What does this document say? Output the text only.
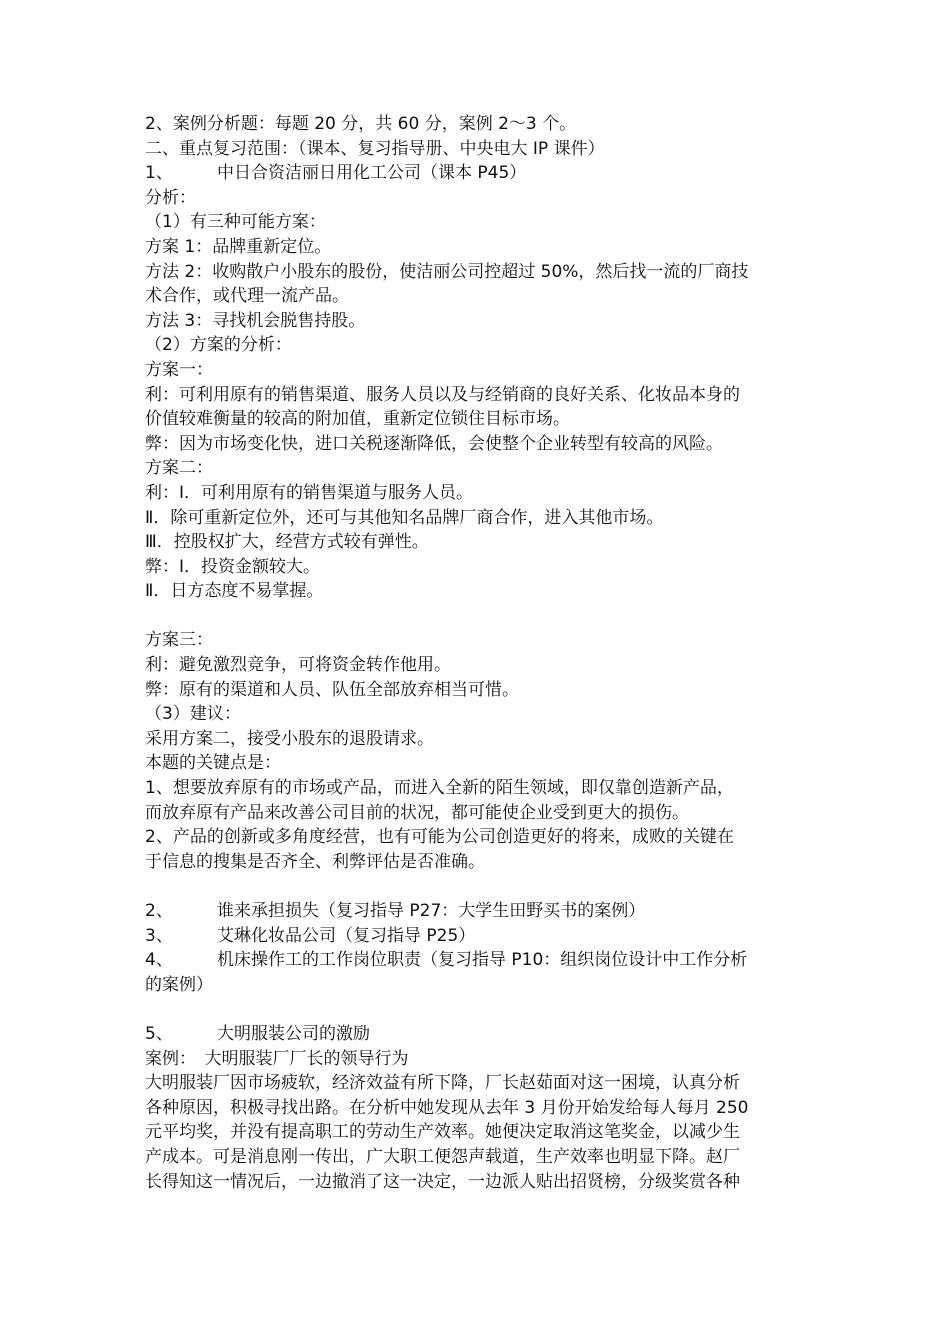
2、案例分析题：每题 20 分，共 60 分，案例 2～3 个。
二、重点复习范围：（课本、复习指导册、中央电大 IP 课件）
1、	中日合资洁丽日用化工公司（课本 P45）
分析：
（1）有三种可能方案：
方案 1：品牌重新定位。
方法 2：收购散户小股东的股份，使洁丽公司控超过 50%，然后找一流的厂商技
术合作，或代理一流产品。
方法 3：寻找机会脱售持股。
（2）方案的分析：
方案一：
利：可利用原有的销售渠道、服务人员以及与经销商的良好关系、化妆品本身的
价值较难衡量的较高的附加值，重新定位锁住目标市场。
弊：因为市场变化快，进口关税逐渐降低，会使整个企业转型有较高的风险。
方案二：
利：Ⅰ．可利用原有的销售渠道与服务人员。
Ⅱ．除可重新定位外，还可与其他知名品牌厂商合作，进入其他市场。
Ⅲ．控股权扩大，经营方式较有弹性。
弊：Ⅰ．投资金额较大。
Ⅱ．日方态度不易掌握。
方案三：
利：避免激烈竞争，可将资金转作他用。
弊：原有的渠道和人员、队伍全部放弃相当可惜。
（3）建议：
采用方案二，接受小股东的退股请求。
本题的关键点是：
1、想要放弃原有的市场或产品，而进入全新的陌生领域，即仅靠创造新产品，
而放弃原有产品来改善公司目前的状况，都可能使企业受到更大的损伤。
2、产品的创新或多角度经营，也有可能为公司创造更好的将来，成败的关键在
于信息的搜集是否齐全、利弊评估是否准确。
2、	谁来承担损失（复习指导 P27：大学生田野买书的案例）
3、	艾琳化妆品公司（复习指导 P25）
4、	机床操作工的工作岗位职责（复习指导 P10：组织岗位设计中工作分析
的案例）
5、	大明服装公司的激励
案例：　大明服装厂厂长的领导行为
大明服装厂因市场疲软，经济效益有所下降，厂长赵茹面对这一困境，认真分析
各种原因，积极寻找出路。在分析中她发现从去年 3 月份开始发给每人每月 250
元平均奖，并没有提高职工的劳动生产效率。她便决定取消这笔奖金，以减少生
产成本。可是消息刚一传出，广大职工便怨声载道，生产效率也明显下降。赵厂
长得知这一情况后，一边撤消了这一决定，一边派人贴出招贤榜，分级奖赏各种
